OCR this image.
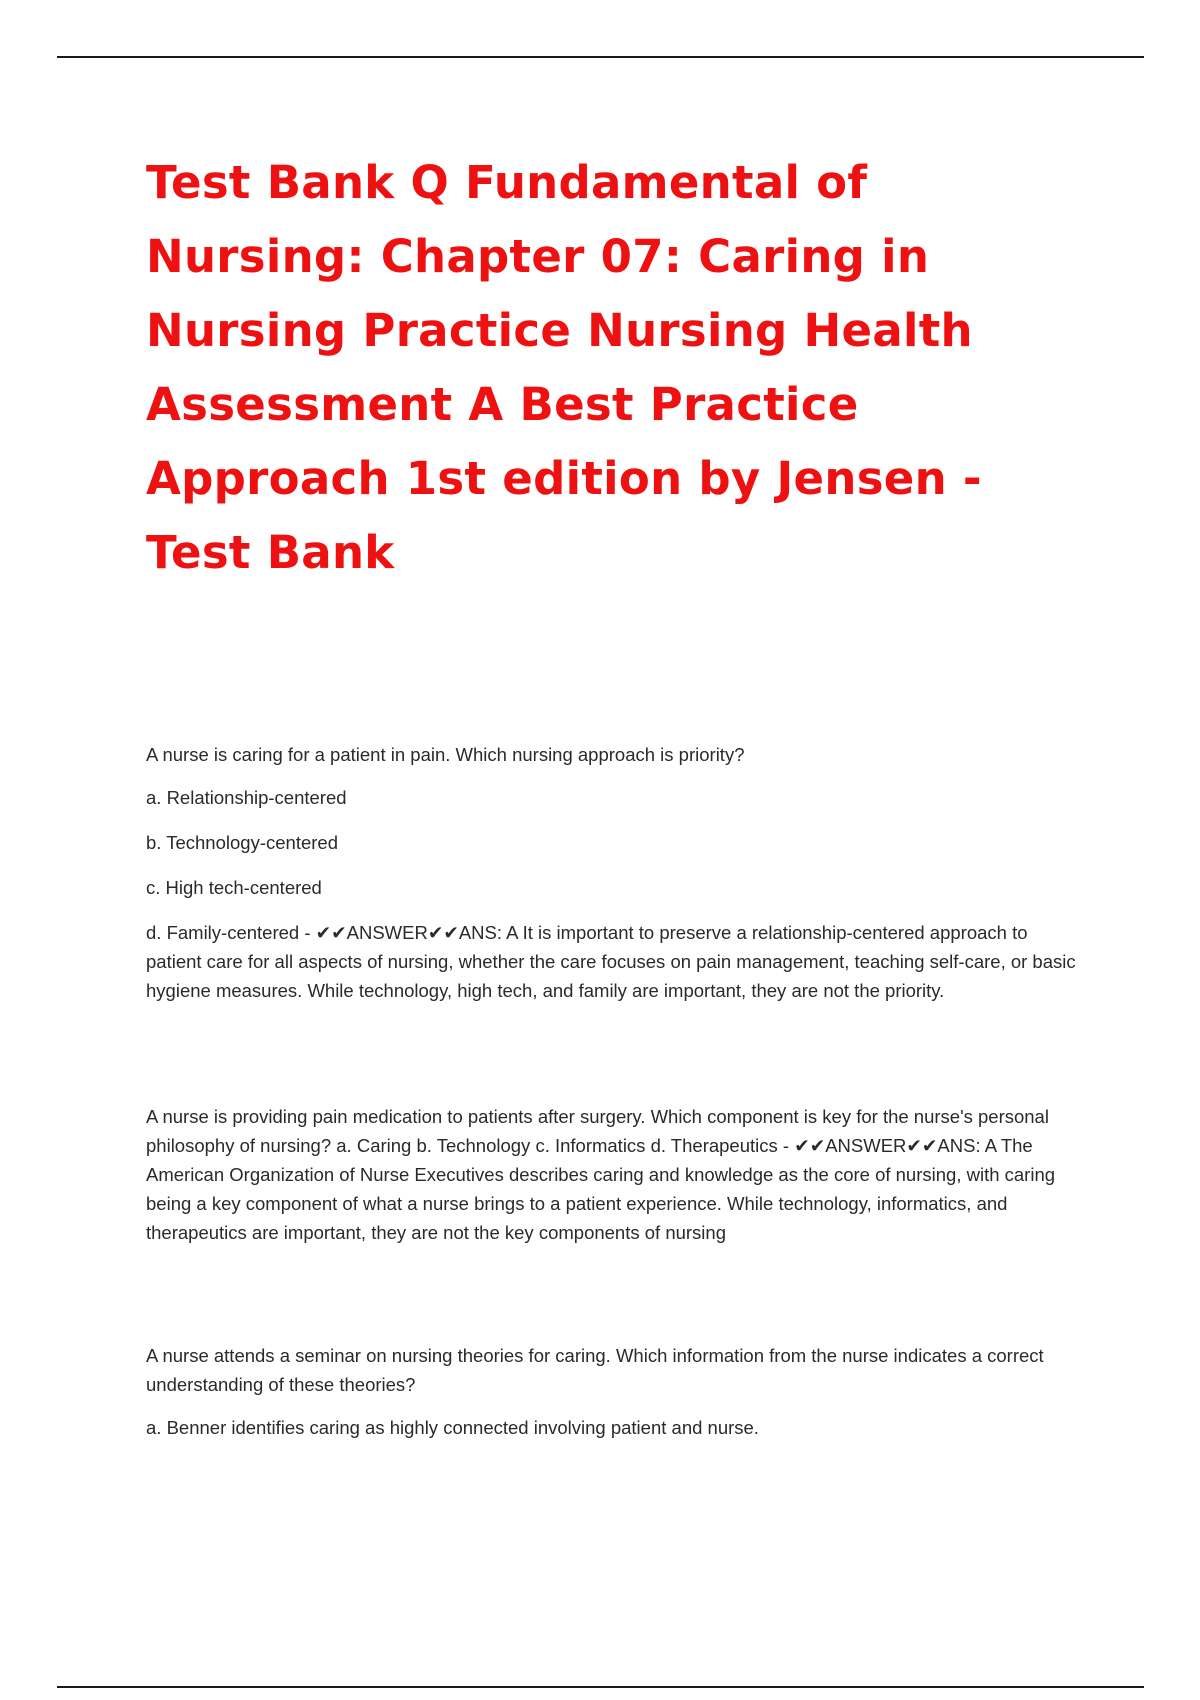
Test Bank Q Fundamental of Nursing: Chapter 07: Caring in Nursing Practice Nursing Health Assessment A Best Practice Approach 1st edition by Jensen - Test Bank

A nurse is caring for a patient in pain. Which nursing approach is priority?

a. Relationship-centered

b. Technology-centered

c. High tech-centered

d. Family-centered - ✔✔ANSWER✔✔ANS: A It is important to preserve a relationship-centered approach to patient care for all aspects of nursing, whether the care focuses on pain management, teaching self-care, or basic hygiene measures. While technology, high tech, and family are important, they are not the priority.

A nurse is providing pain medication to patients after surgery. Which component is key for the nurse's personal philosophy of nursing? a. Caring b. Technology c. Informatics d. Therapeutics - ✔✔ANSWER✔✔ANS: A The American Organization of Nurse Executives describes caring and knowledge as the core of nursing, with caring being a key component of what a nurse brings to a patient experience. While technology, informatics, and therapeutics are important, they are not the key components of nursing

A nurse attends a seminar on nursing theories for caring. Which information from the nurse indicates a correct understanding of these theories?

a. Benner identifies caring as highly connected involving patient and nurse.
